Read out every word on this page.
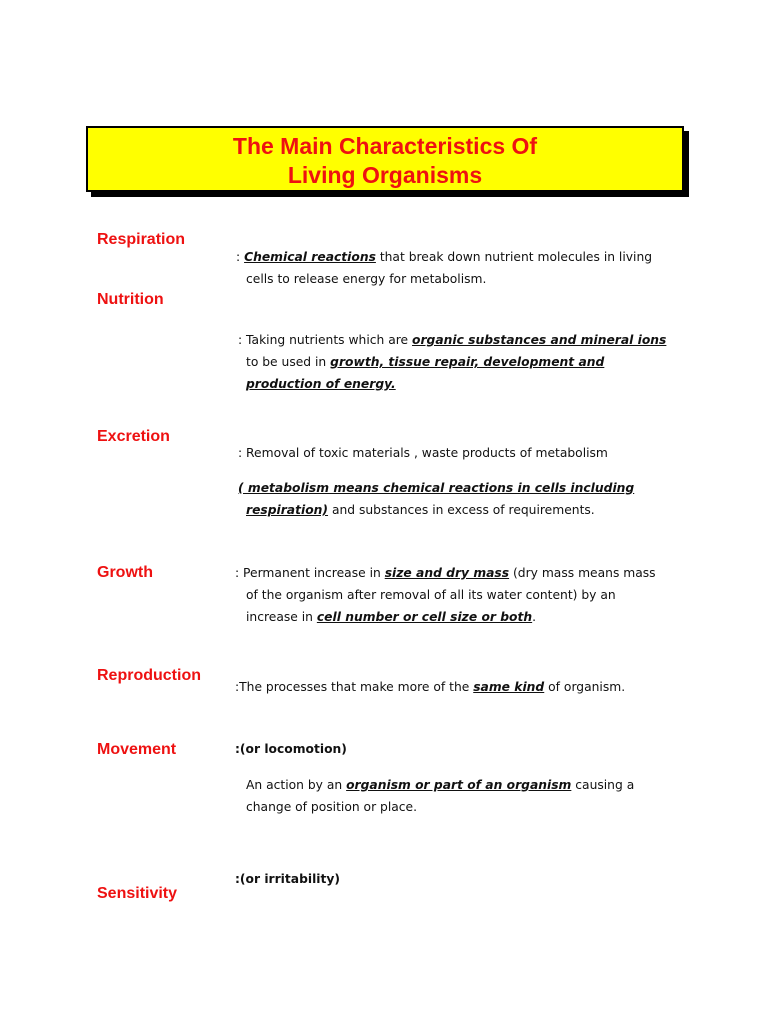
The Main Characteristics Of
Living Organisms
Respiration
: Chemical reactions that break down nutrient molecules in living
cells to release energy for metabolism.
Nutrition
: Taking nutrients which are organic substances and mineral ions
to be used in growth, tissue repair, development and
production of energy.
Excretion
: Removal of toxic materials , waste products of metabolism
( metabolism means chemical reactions in cells including
respiration) and substances in excess of requirements.
Growth	: Permanent increase in size and dry mass (dry mass means mass
of the organism after removal of all its water content) by an
increase in cell number or cell size or both.
Reproduction
:The processes that make more of the same kind of organism.
Movement	:(or locomotion)
An action by an organism or part of an organism causing a
change of position or place.
Sensitivity
:(or irritability)
